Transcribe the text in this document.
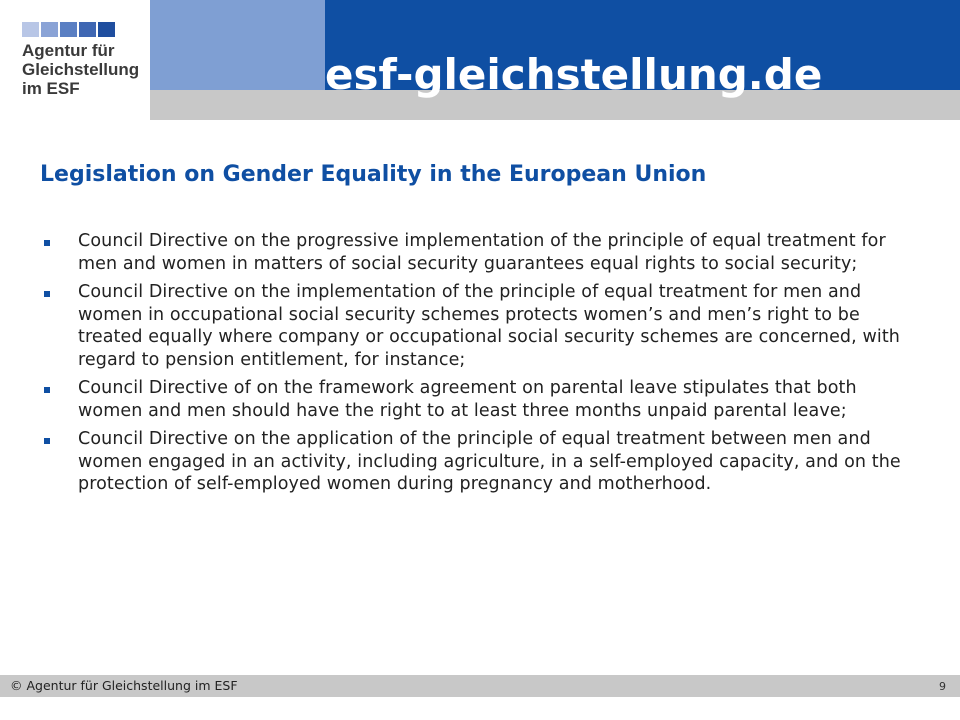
Agentur für
Gleichstellung
im ESF	esf-gleichstellung.de
Legislation on Gender Equality in the European Union
Council Directive on the progressive implementation of the principle of equal treatment for men and women in matters of social security guarantees equal rights to social security;
Council Directive on the implementation of the principle of equal treatment for men and women in occupational social security schemes protects women’s and men’s right to be treated equally where company or occupational social security schemes are concerned, with regard to pension entitlement, for instance;
Council Directive of on the framework agreement on parental leave stipulates that both women and men should have the right to at least three months unpaid parental leave;
Council Directive on the application of the principle of equal treatment between men and women engaged in an activity, including agriculture, in a self-employed capacity, and on the protection of self-employed women during pregnancy and motherhood.
© Agentur für Gleichstellung im ESF	9
